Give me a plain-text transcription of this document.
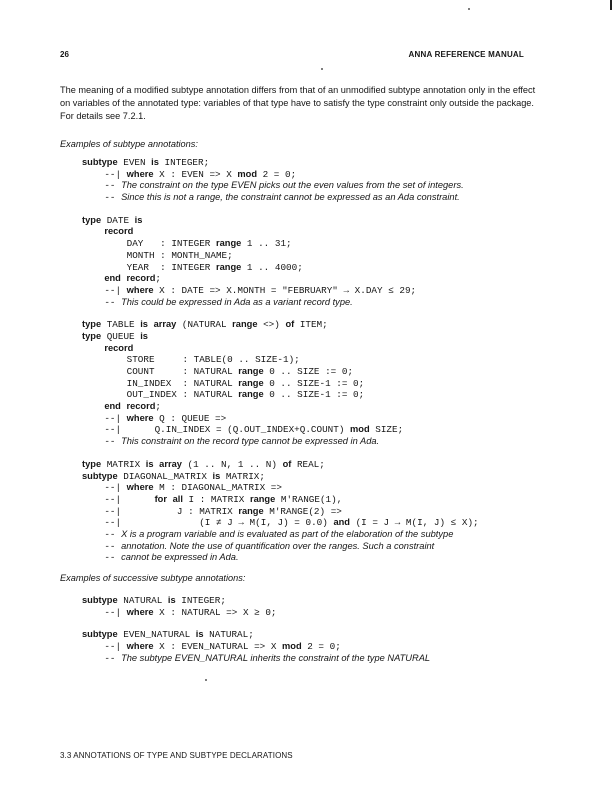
26	ANNA REFERENCE MANUAL
The meaning of a modified subtype annotation differs from that of an unmodified subtype annotation only in the effect on variables of the annotated type: variables of that type have to satisfy the type constraint only outside the package. For details see 7.2.1.
Examples of subtype annotations:
subtype EVEN is INTEGER;
--| where X : EVEN => X mod 2 = 0;
-- The constraint on the type EVEN picks out the even values from the set of integers.
-- Since this is not a range, the constraint cannot be expressed as an Ada constraint.
type DATE is
record
DAY : INTEGER range 1 .. 31;
MONTH : MONTH_NAME;
YEAR : INTEGER range 1 .. 4000;
end record;
--| where X : DATE => X.MONTH = "FEBRUARY" → X.DAY ≤ 29;
-- This could be expressed in Ada as a variant record type.
type TABLE is array (NATURAL range <>) of ITEM;
type QUEUE is
record
STORE	: TABLE(0 .. SIZE-1);
COUNT	: NATURAL range 0 .. SIZE := 0;
IN_INDEX : NATURAL range 0 .. SIZE-1 := 0;
OUT_INDEX : NATURAL range 0 .. SIZE-1 := 0;
end record;
--| where Q : QUEUE =>
--|	Q.IN_INDEX = (Q.OUT_INDEX+Q.COUNT) mod SIZE;
-- This constraint on the record type cannot be expressed in Ada.
type MATRIX is array (1 .. N, 1 .. N) of REAL;
subtype DIAGONAL_MATRIX is MATRIX;
--| where M : DIAGONAL_MATRIX =>
--|	for all I : MATRIX range M'RANGE(1),
--|	J : MATRIX range M'RANGE(2) =>
--|	(I ≠ J → M(I, J) = 0.0) and (I = J → M(I, J) ≤ X);
-- X is a program variable and is evaluated as part of the elaboration of the subtype
-- annotation. Note the use of quantification over the ranges. Such a constraint
-- cannot be expressed in Ada.
Examples of successive subtype annotations:
subtype NATURAL is INTEGER;
--| where X : NATURAL => X ≥ 0;
subtype EVEN_NATURAL is NATURAL;
--| where X : EVEN_NATURAL => X mod 2 = 0;
-- The subtype EVEN_NATURAL inherits the constraint of the type NATURAL
3.3 ANNOTATIONS OF TYPE AND SUBTYPE DECLARATIONS
